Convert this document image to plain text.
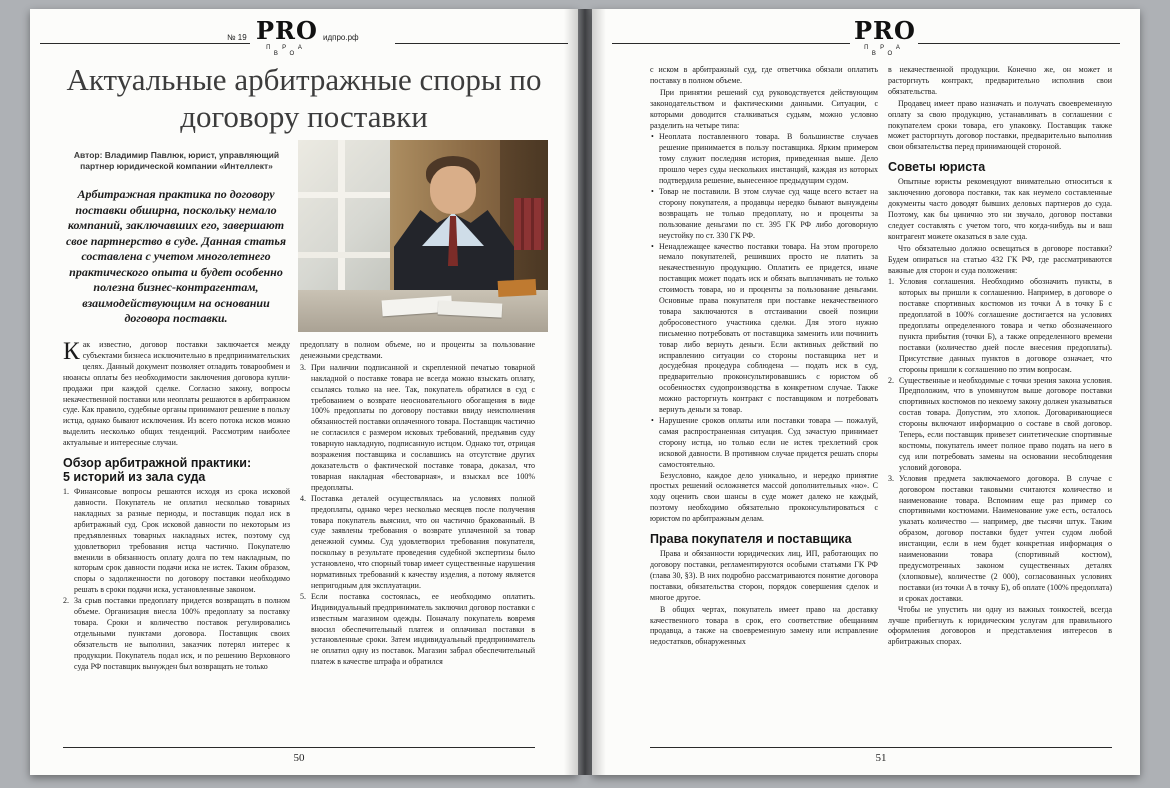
№ 19 PRO
П Р А В О
идпро.рф
Актуальные арбитражные споры по договору поставки
Автор: Владимир Павлюк, юрист, управляющий партнер юридической компании «Интеллект»
Арбитражная практика по договору поставки обширна, поскольку немало компаний, заключавших его, завершают свое партнерство в суде. Данная статья составлена с учетом многолетнего практического опыта и будет особенно полезна бизнес-контрагентам, взаимодействующим на основании договора поставки.

Как известно, договор поставки заключается между субъектами бизнеса исключительно в предпринимательских целях. Данный документ позволяет отладить товарообмен и нюансы оплаты без необходимости заключения договора купли-продажи при каждой сделке. Согласно закону, вопросы некачественной поставки или неоплаты решаются в арбитражном суде. Как правило, судебные органы принимают решение в пользу истца, однако бывают исключения. Из всего потока исков можно выделить несколько общих тенденций. Рассмотрим наиболее актуальные и интересные случаи.

Обзор арбитражной практики:
5 историй из зала суда

1. Финансовые вопросы решаются исходя из срока исковой давности. Покупатель не оплатил несколько товарных накладных за разные периоды, и поставщик подал иск в арбитражный суд. Срок исковой давности по некоторым из предъявленных товарных накладных истек, поэтому суд удовлетворил требования истца частично. Покупателю вменили в обязанность оплату долга по тем накладным, по которым срок давности подачи иска не истек. Таким образом, споры о задолженности по договору поставки необходимо решать в сроки подачи иска, установленные законом.

2. За срыв поставки предоплату придется возвращать в полном объеме. Организация внесла 100% предоплату за поставку товара. Сроки и количество поставок регулировались отдельными пунктами договора. Поставщик своих обязательств не выполнил, заказчик потерял интерес к продукции. Покупатель подал иск, и по решению Верховного суда РФ поставщик вынужден был возвращать не только

предоплату в полном объеме, но и проценты за пользование денежными средствами.

3. При наличии подписанной и скрепленной печатью товарной накладной о поставке товара не всегда можно взыскать оплату, ссылаясь только на нее. Так, покупатель обратился в суд с требованием о возврате неосновательного обогащения в виде 100% предоплаты по договору поставки ввиду неисполнения обязанностей поставки оплаченного товара. Поставщик частично не согласился с размером исковых требований, предъявив суду товарную накладную, подписанную истцом. Однако тот, отрицая возражения поставщика и сославшись на отсутствие других доказательств о фактической поставке товара, доказал, что товарная накладная «бестоварная», и взыскал все 100% предоплаты.

4. Поставка деталей осуществлялась на условиях полной предоплаты, однако через несколько месяцев после получения товара покупатель выяснил, что он частично бракованный. В суде заявлены требования о возврате уплаченной за товар денежной суммы. Суд удовлетворил требования покупателя, поскольку в результате проведения судебной экспертизы было установлено, что спорный товар имеет существенные нарушения нормативных требований к качеству изделия, а потому является непригодным для эксплуатации.

5. Если поставка состоялась, ее необходимо оплатить. Индивидуальный предприниматель заключил договор поставки с известным магазином одежды. Поначалу покупатель вовремя вносил обеспечительный платеж и оплачивал поставки в установленные сроки. Затем индивидуальный предприниматель не оплатил одну из поставок. Магазин забрал обеспечительный платеж в качестве штрафа и обратился

50
PRO
П Р А В О

с иском в арбитражный суд, где ответчика обязали оплатить поставку в полном объеме.

При принятии решений суд руководствуется действующим законодательством и фактическими данными. Ситуации, с которыми доводится сталкиваться судьям, можно условно разделить на четыре типа:

• Неоплата поставленного товара. В большинстве случаев решение принимается в пользу поставщика. Ярким примером тому служит последняя история, приведенная выше. Дело прошло через суды нескольких инстанций, каждая из которых подтвердила решение, вынесенное предыдущим судом.

• Товар не поставили. В этом случае суд чаще всего встает на сторону покупателя, а продавцы нередко бывают вынуждены возвращать не только предоплату, но и проценты за пользование деньгами по ст. 395 ГК РФ либо договорную неустойку по ст. 330 ГК РФ.

• Ненадлежащее качество поставки товара. На этом прогорело немало покупателей, решивших просто не платить за некачественную продукцию. Оплатить ее придется, иначе поставщик может подать иск и обязать выплачивать не только стоимость товара, но и проценты за пользование деньгами. Основные права покупателя при поставке некачественного товара заключаются в отстаивании своей позиции добросовестного участника сделки. Для этого нужно письменно потребовать от поставщика заменить или починить товар либо вернуть деньги. Если активных действий по исправлению ситуации со стороны поставщика нет и досудебная процедура соблюдена — подать иск в суд, предварительно проконсультировавшись с юристом об особенностях судопроизводства в конкретном случае. Также можно расторгнуть контракт с поставщиком и потребовать вернуть деньги за товар.

• Нарушение сроков оплаты или поставки товара — пожалуй, самая распространенная ситуация. Суд зачастую принимает сторону истца, но только если не истек трехлетний срок исковой давности. В противном случае придется решать споры самостоятельно.

Безусловно, каждое дело уникально, и нередко принятие простых решений осложняется массой дополнительных «но». С ходу оценить свои шансы в суде может далеко не каждый, поэтому необходимо обязательно проконсультироваться с юристом по арбитражным делам.

Права покупателя и поставщика

Права и обязанности юридических лиц, ИП, работающих по договору поставки, регламентируются особыми статьями ГК РФ (глава 30, §3). В них подробно рассматриваются понятие договора поставки, обязательства сторон, порядок совершения сделок и многое другое.

В общих чертах, покупатель имеет право на доставку качественного товара в срок, его соответствие обещаниям продавца, а также на своевременную замену или исправление недостатков, обнаруженных

в некачественной продукции. Конечно же, он может и расторгнуть контракт, предварительно исполнив свои обязательства.

Продавец имеет право назначать и получать своевременную оплату за свою продукцию, устанавливать в соглашении с покупателем сроки товара, его упаковку. Поставщик также может расторгнуть договор поставки, предварительно выполнив свои обязательства перед принимающей стороной.

Советы юриста

Опытные юристы рекомендуют внимательно относиться к заключению договора поставки, так как неумело составленные документы часто доводят бывших деловых партнеров до суда. Поэтому, как бы цинично это ни звучало, договор поставки следует составлять с учетом того, что когда-нибудь вы и ваш контрагент можете оказаться в зале суда.

Что обязательно должно освещаться в договоре поставки? Будем опираться на статью 432 ГК РФ, где рассматриваются важные для сторон и суда положения:

1. Условия соглашения. Необходимо обозначить пункты, в которых вы пришли к соглашению. Например, в договоре о поставке спортивных костюмов из точки А в точку Б с предоплатой в 100% соглашение достигается на условиях предоплаты определенного товара и четко обозначенного пункта прибытия (точки Б), а также определенного времени поставки (количество дней после внесения предоплаты). Присутствие данных пунктов в договоре означает, что стороны пришли к соглашению по этим вопросам.

2. Существенные и необходимые с точки зрения закона условия. Предположим, что в упомянутом выше договоре поставки спортивных костюмов по некоему закону должен указываться состав товара. Допустим, это хлопок. Договаривающиеся стороны включают информацию о составе в свой договор. Теперь, если поставщик привезет синтетические спортивные костюмы, покупатель имеет полное право подать на него в суд или потребовать замены на основании несоблюдения условий договора.

3. Условия предмета заключаемого договора. В случае с договором поставки таковыми считаются количество и наименование товара. Вспомним еще раз пример со спортивными костюмами. Наименование уже есть, осталось указать количество — например, две тысячи штук. Таким образом, договор поставки будет учтен судом любой инстанции, если в нем будет конкретная информация о наименовании товара (спортивный костюм), предусмотренных законом существенных деталях (хлопковые), количестве (2 000), согласованных условиях поставки (из точки А в точку Б), об оплате (100% предоплата) и сроках доставки.

Чтобы не упустить ни одну из важных тонкостей, всегда лучше прибегнуть к юридическим услугам для правильного оформления договоров и представления интересов в арбитражных спорах.

51
